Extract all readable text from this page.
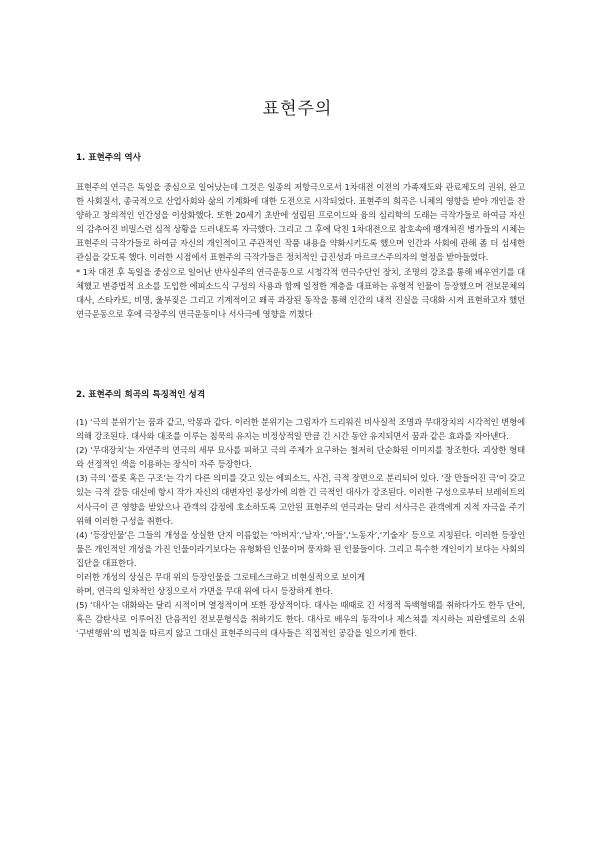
표현주의
1. 표현주의 역사

표현주의 연극은 독일을 중심으로 일어났는데 그것은 일종의 저항극으로서 1차대전 이전의 가족제도와 관료제도의 권위, 완고한 사회질서, 종국적으로 산업사회와 삶의 기계화에 대한 도전으로 시작되었다. 표현주의 희곡은 니체의 영향을 받아 개인을 찬양하고 창의적인 인간성을 이상화했다. 또한 20세기 초반에 성립된 프로이드와 융의 심리학의 도래는 극작가들로 하여금 자신의 감추어진 비밀스런 심적 상황을 드러내도록 자극했다. 그리고 그 후에 닥친 1차대전으로 참호속에 팽개쳐진 병가들의 시체는 표현주의 극작가들로 하여금 자신의 개인적이고 주관적인 작품 내용을 약화시키도록 했으며 인간과 사회에 관해 좀 더 섬세한 관심을 갖도록 했다. 이러한 시점에서 표현주의 극작가들은 정치적인 급진성과 마르크스주의자의 열정을 받아들였다.

* 1차 대전 후 독일을 중심으로 일어난 반사실주의 연극운동으로 시청각적 연극수단인 장치, 조명의 강조를 통해 배우연기를 대체했고 변증법적 요소를 도입한 에피소드식 구성의 사용과 함께 일정한 계층을 대표하는 유형적 인물이 등장했으며 전보문체의 대사, 스타카토, 비명, 울부짖은 그리고 기계적이고 왜곡 과장된 동작을 통해 인간의 내적 진실을 극대화 시켜 표현하고자 했던 연극운동으로 후에 극장주의 연극운동이나 서사극에 영향을 끼쳤다

2. 표현주의 희곡의 특징적인 성격

(1) ‘극의 분위기’는 꿈과 같고, 악몽과 같다. 이러한 분위기는 그림자가 드리워진 비사실적 조명과 무대장치의 시각적인 변형에 의해 강조된다. 대사와 대조를 이루는 침묵의 유지는 비정상적일 만큼 긴 시간 동안 유지되면서 꿈과 같은 효과를 자아낸다.

(2) ‘무대장치’는 자연주의 연극의 세부 묘사를 피하고 극의 주제가 요구하는 철저히 단순화된 이미지를 창조한다. 괴상한 형태와 선정적인 색을 이용하는 장식이 자주 등장한다.

(3) 극의 ‘플롯 혹은 구조’는 각기 다른 의미를 갖고 있는 에피소드, 사건, 극적 장면으로 분리되어 있다. ‘잘 만들어진 극’이 갖고 있는 극적 갈등 대신에 항시 작가 자신의 대변자인 몽상가에 의한 긴 극적인 대사가 강조된다. 이러한 구성으로부터 브레히트의 서사극이 큰 영향을 받았으나 관객의 감정에 호소하도록 고안된 표현주의 연극과는 달리 서사극은 관객에게 지적 자극을 주기 위해 이러한 구성을 취한다.

(4) ‘등장인물’은 그들의 개성을 상실한 단지 이름없는 ‘아버지’,‘남자’,‘아들’,‘노동자’,‘기술자’ 등으로 지칭된다. 이러한 등장인물은 개인적인 개성을 가진 인물이라기보다는 유형화된 인물이며 풍자화 된 인물들이다. 그리고 특수한 개인이기 보다는 사회의 집단을 대표한다.

이러한 개성의 상실은 무대 위의 등장인물을 그로테스크하고 비현실적으로 보이게

하며, 연극의 일차적인 상징으로서 가면을 무대 위에 다시 등장하게 한다.

(5) ‘대사’는 대화와는 달리 시적이며 열정적이며 또한 장상적이다. 대사는 때때로 긴 서정적 독백형태를 취하다가도 한두 단어, 혹은 감탄사로 이루어진 단음적인 전보문형식을 취하기도 한다. 대사로 배우의 동작이나 제스쳐를 지시하는 피란델로의 소위 ‘구변행위’의 법칙을 따르지 않고 그대신 표현주의극의 대사들은 직접적인 공감을 일으키게 한다.
